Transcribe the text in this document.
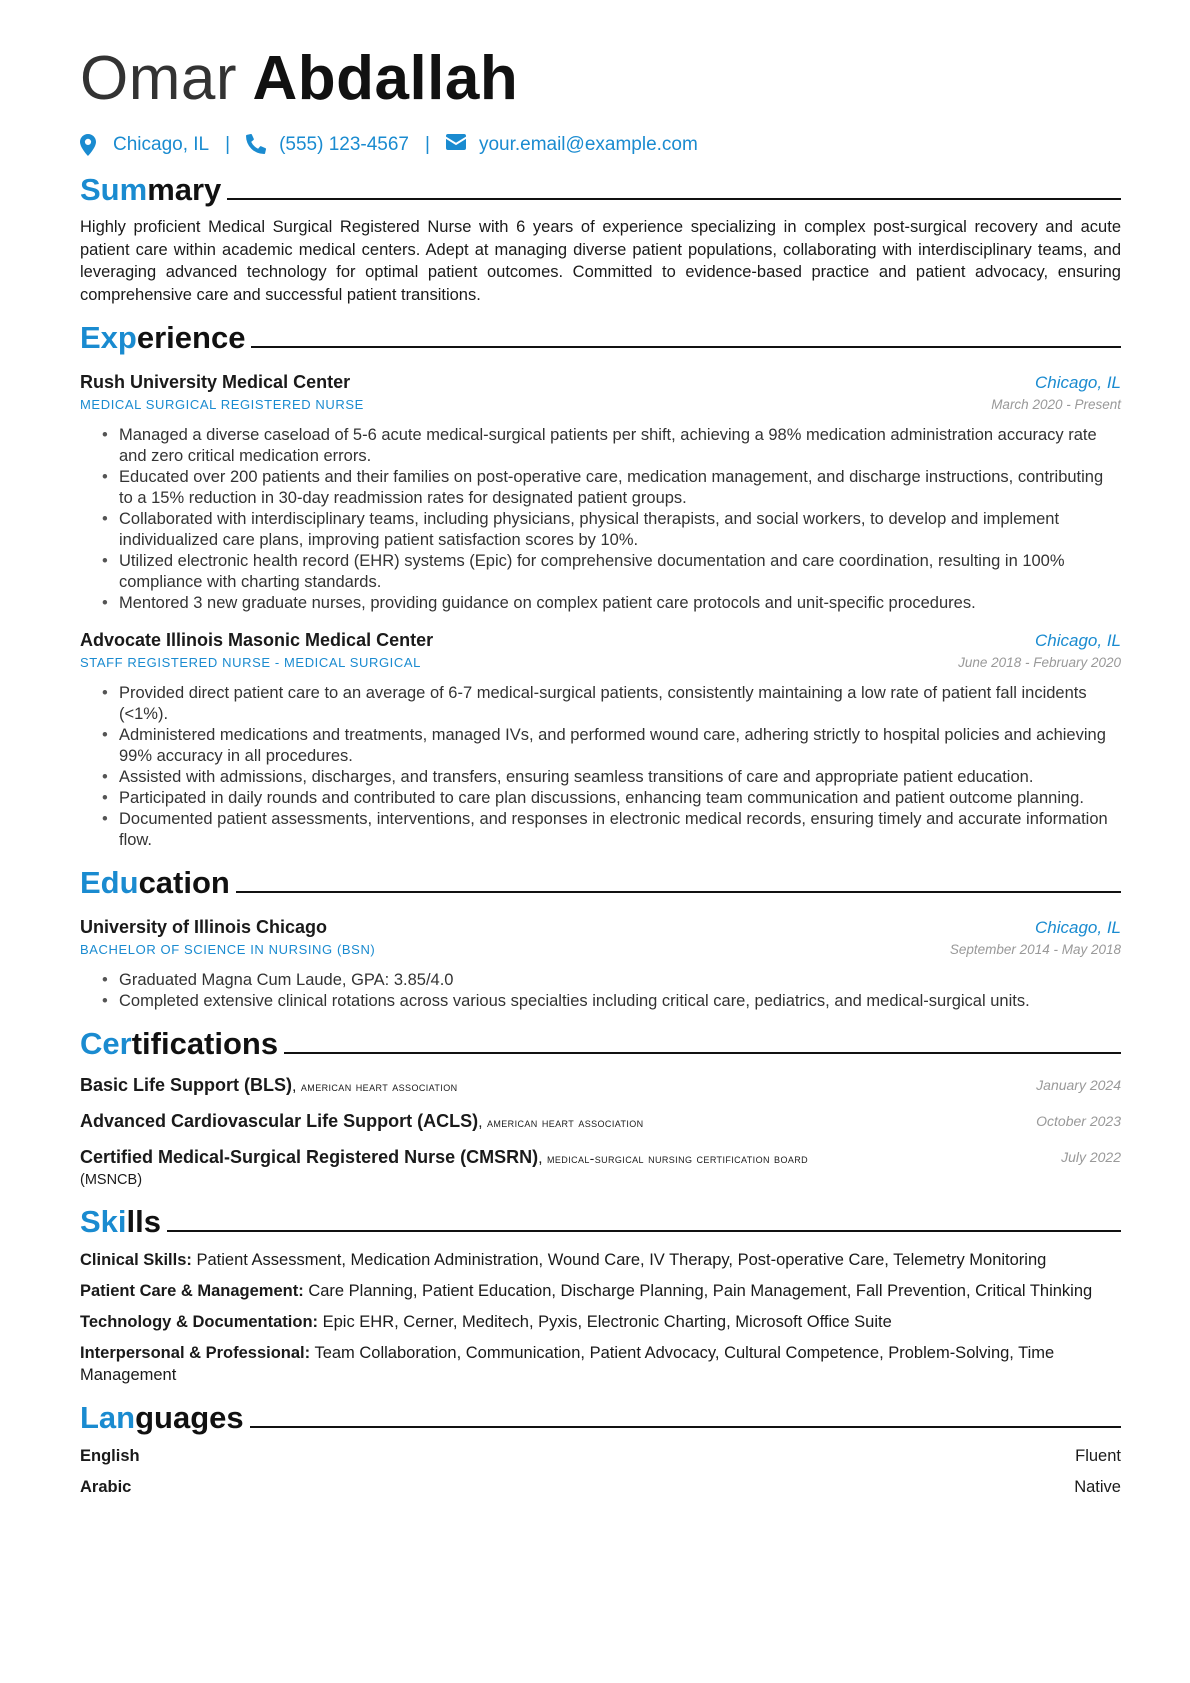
Omar Abdallah
Chicago, IL |	(555) 123-4567 |	your.email@example.com
Summary
Highly proficient Medical Surgical Registered Nurse with 6 years of experience specializing in complex post-surgical recovery and acute patient care within academic medical centers. Adept at managing diverse patient populations, collaborating with interdisciplinary teams, and leveraging advanced technology for optimal patient outcomes. Committed to evidence-based practice and patient advocacy, ensuring comprehensive care and successful patient transitions.
Experience
Rush University Medical Center	Chicago, IL
MEDICAL SURGICAL REGISTERED NURSE	March 2020 - Present
• Managed a diverse caseload of 5-6 acute medical-surgical patients per shift, achieving a 98% medication administration accuracy rate and zero critical medication errors.
• Educated over 200 patients and their families on post-operative care, medication management, and discharge instructions, contributing to a 15% reduction in 30-day readmission rates for designated patient groups.
• Collaborated with interdisciplinary teams, including physicians, physical therapists, and social workers, to develop and implement individualized care plans, improving patient satisfaction scores by 10%.
• Utilized electronic health record (EHR) systems (Epic) for comprehensive documentation and care coordination, resulting in 100% compliance with charting standards.
• Mentored 3 new graduate nurses, providing guidance on complex patient care protocols and unit-specific procedures.
Advocate Illinois Masonic Medical Center	Chicago, IL
STAFF REGISTERED NURSE - MEDICAL SURGICAL	June 2018 - February 2020
• Provided direct patient care to an average of 6-7 medical-surgical patients, consistently maintaining a low rate of patient fall incidents (<1%).
• Administered medications and treatments, managed IVs, and performed wound care, adhering strictly to hospital policies and achieving 99% accuracy in all procedures.
• Assisted with admissions, discharges, and transfers, ensuring seamless transitions of care and appropriate patient education.
• Participated in daily rounds and contributed to care plan discussions, enhancing team communication and patient outcome planning.
• Documented patient assessments, interventions, and responses in electronic medical records, ensuring timely and accurate information flow.
Education
University of Illinois Chicago	Chicago, IL
BACHELOR OF SCIENCE IN NURSING (BSN)	September 2014 - May 2018
• Graduated Magna Cum Laude, GPA: 3.85/4.0
• Completed extensive clinical rotations across various specialties including critical care, pediatrics, and medical-surgical units.
Certifications
Basic Life Support (BLS), american heart association	January 2024
Advanced Cardiovascular Life Support (ACLS), american heart association	October 2023
Certified Medical-Surgical Registered Nurse (CMSRN), medical-surgical nursing certification board
(MSNCB)
July 2022
Skills
Clinical Skills: Patient Assessment, Medication Administration, Wound Care, IV Therapy, Post-operative Care, Telemetry Monitoring
Patient Care & Management: Care Planning, Patient Education, Discharge Planning, Pain Management, Fall Prevention, Critical Thinking
Technology & Documentation: Epic EHR, Cerner, Meditech, Pyxis, Electronic Charting, Microsoft Office Suite
Interpersonal & Professional: Team Collaboration, Communication, Patient Advocacy, Cultural Competence, Problem-Solving, Time Management
Languages
English	Fluent
Arabic	Native
